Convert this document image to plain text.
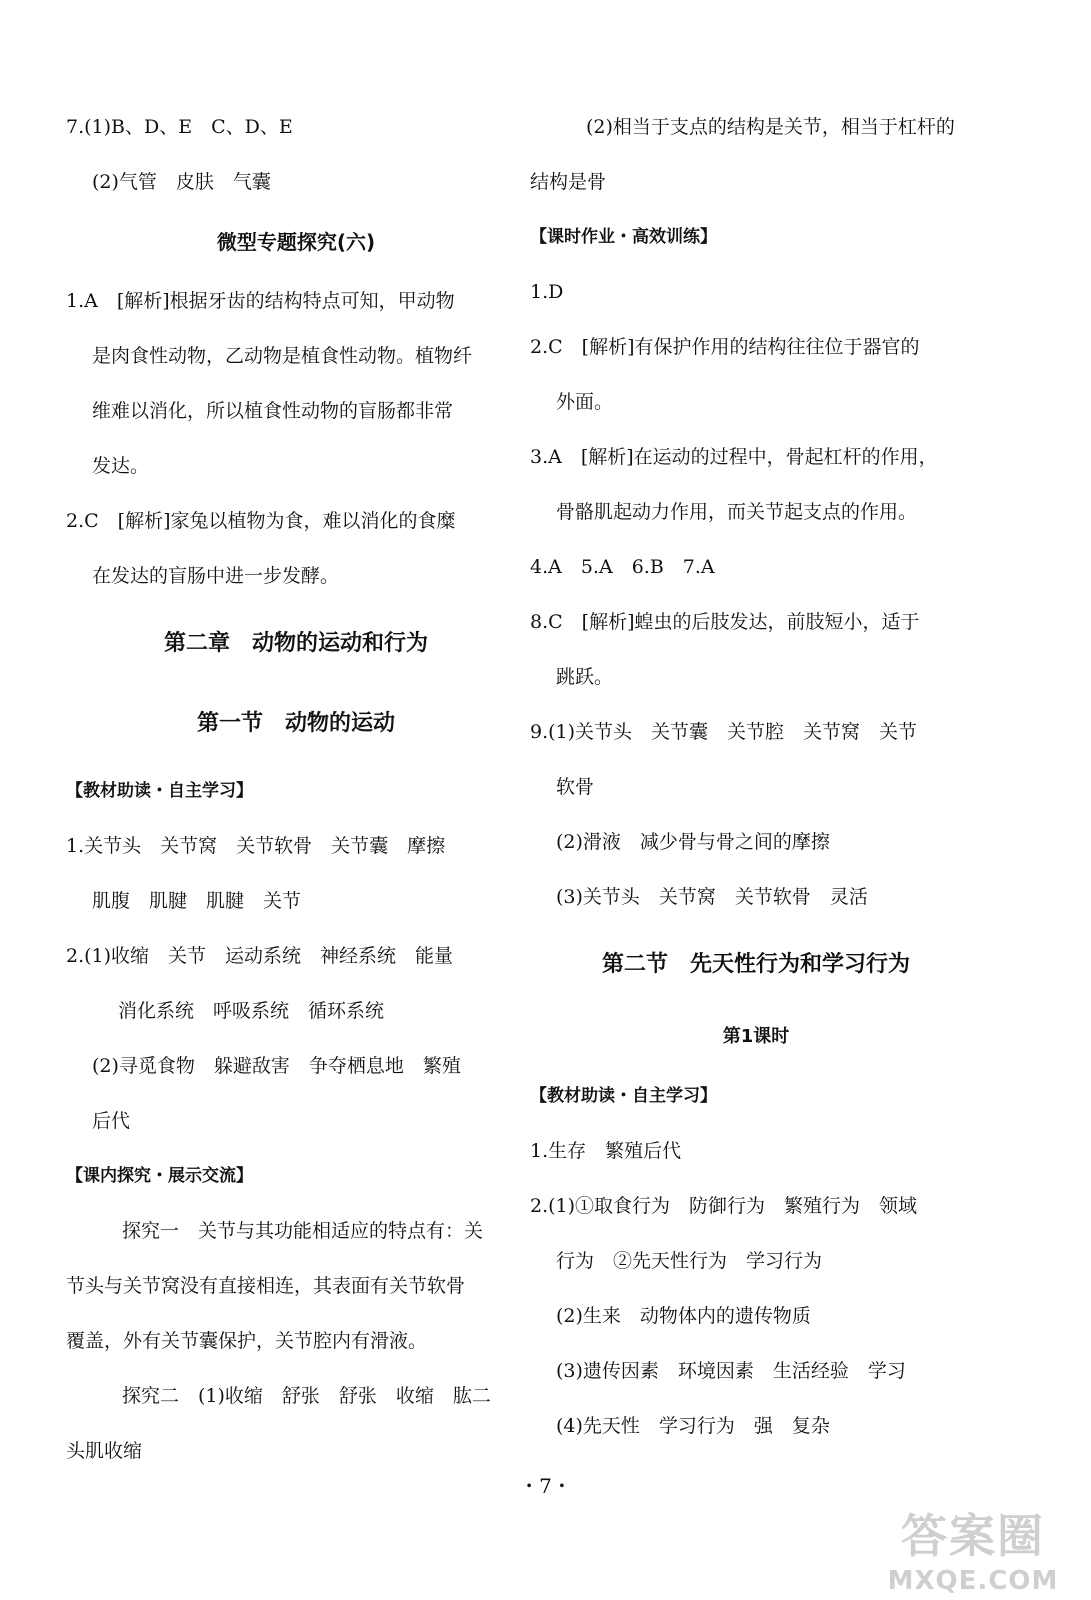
7.(1)B、D、E　C、D、E
(2)气管　皮肤　气囊
微型专题探究(六)
1.A　[解析]根据牙齿的结构特点可知，甲动物
是肉食性动物，乙动物是植食性动物。植物纤
维难以消化，所以植食性动物的盲肠都非常
发达。
2.C　[解析]家兔以植物为食，难以消化的食糜
在发达的盲肠中进一步发酵。
第二章　动物的运动和行为
第一节　动物的运动
【教材助读・自主学习】
1.关节头　关节窝　关节软骨　关节囊　摩擦
肌腹　肌腱　肌腱　关节
2.(1)收缩　关节　运动系统　神经系统　能量
消化系统　呼吸系统　循环系统
(2)寻觅食物　躲避敌害　争夺栖息地　繁殖
后代
【课内探究・展示交流】
探究一　关节与其功能相适应的特点有：关
节头与关节窝没有直接相连，其表面有关节软骨
覆盖，外有关节囊保护，关节腔内有滑液。
探究二　(1)收缩　舒张　舒张　收缩　肱二
头肌收缩
(2)相当于支点的结构是关节，相当于杠杆的
结构是骨
【课时作业・高效训练】
1.D
2.C　[解析]有保护作用的结构往往位于器官的
外面。
3.A　[解析]在运动的过程中，骨起杠杆的作用，
骨骼肌起动力作用，而关节起支点的作用。
4.A　5.A　6.B　7.A
8.C　[解析]蝗虫的后肢发达，前肢短小，适于
跳跃。
9.(1)关节头　关节囊　关节腔　关节窝　关节
软骨
(2)滑液　减少骨与骨之间的摩擦
(3)关节头　关节窝　关节软骨　灵活
第二节　先天性行为和学习行为
第1课时
【教材助读・自主学习】
1.生存　繁殖后代
2.(1)①取食行为　防御行为　繁殖行为　领域
行为　②先天性行为　学习行为
(2)生来　动物体内的遗传物质
(3)遗传因素　环境因素　生活经验　学习
(4)先天性　学习行为　强　复杂
・7・
答案圈
MXQE.COM
